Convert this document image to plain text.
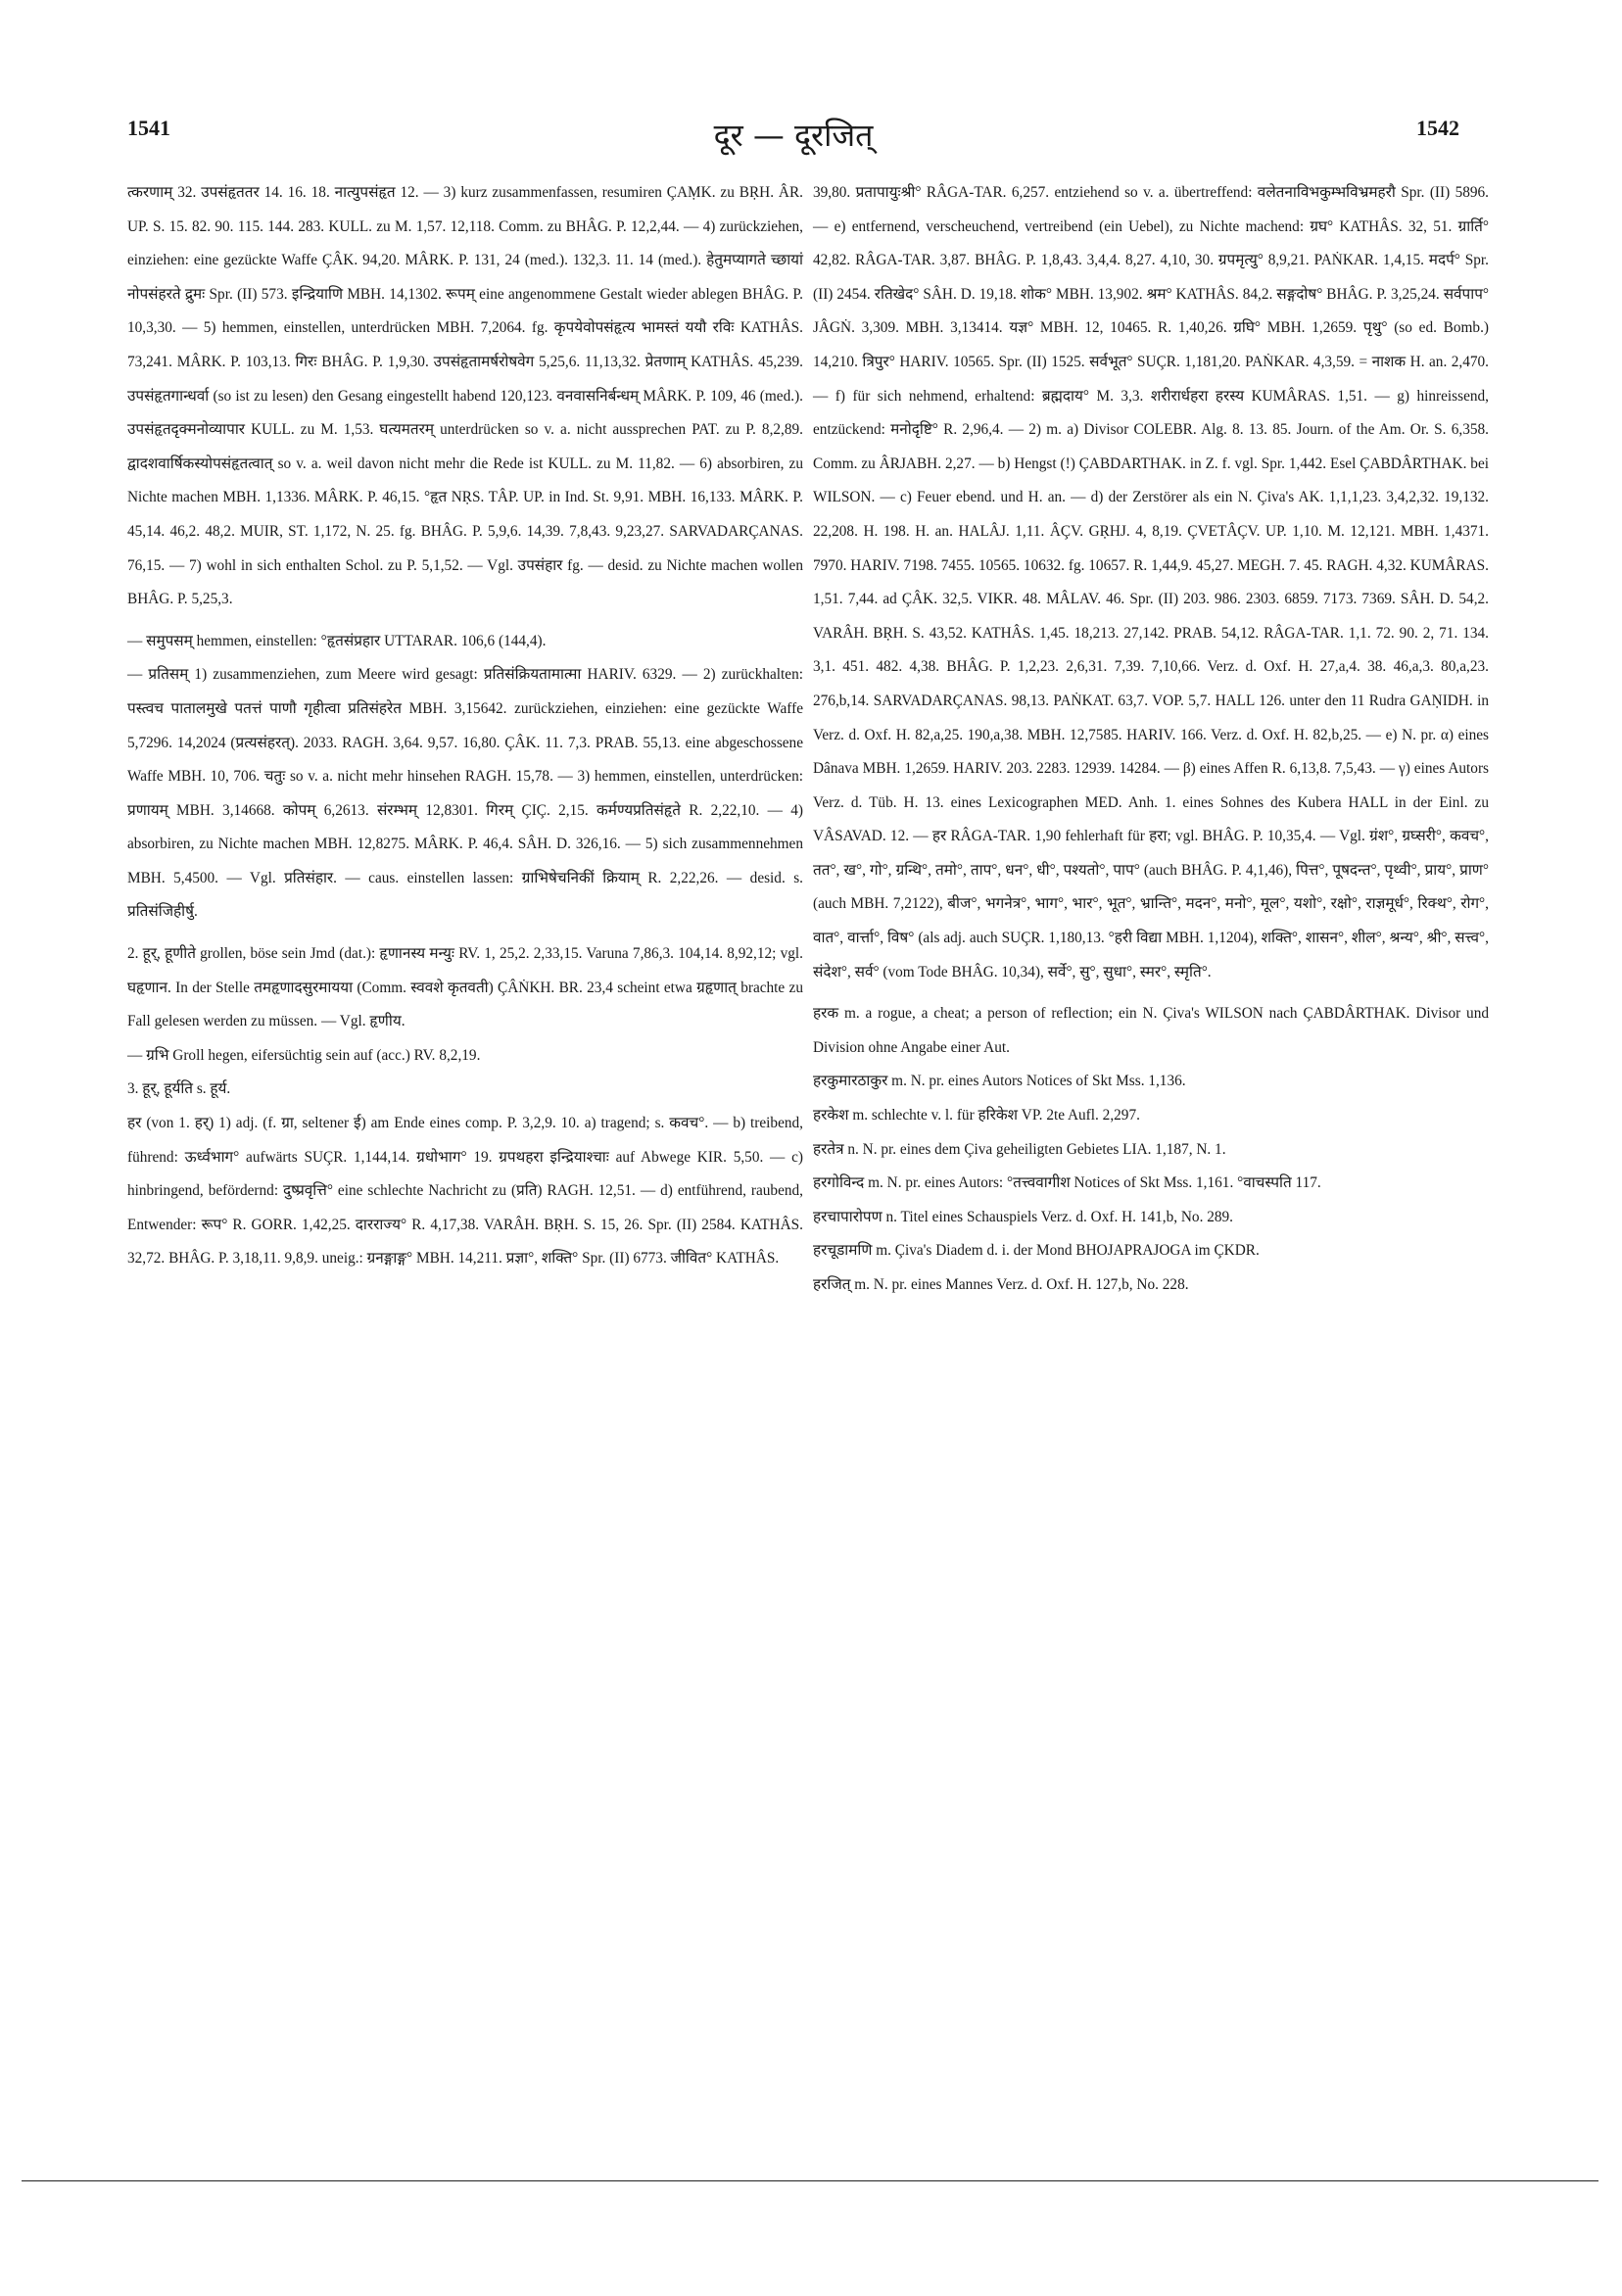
1541	दूर — दूरजित्	1542

त्करणाम् 32. उपसंहृततर 14. 16. 18. नात्युपसंहृत 12. — 3) kurz zusammenfassen, resumiren ÇAṂK. zu BṚH. ÂR. UP. S. 15. 82. 90. 115. 144. 283. KULL. zu M. 1,57. 12,118. Comm. zu BHÂG. P. 12,2,44. — 4) zurückziehen, einziehen: eine gezückte Waffe ÇÂK. 94,20. MÂRK. P. 131, 24 (med.). 132,3. 11. 14 (med.). हेतुमप्यागते च्छायां नोपसंहरते द्रुमः Spr. (II) 573. इन्द्रियाणि MBH. 14,1302. रूपम् eine angenommene Gestalt wieder ablegen BHÂG. P. 10,3,30. — 5) hemmen, einstellen, unterdrücken MBH. 7,2064. fg. कृपयेवोपसंहृत्य भामस्तं ययौ रविः KATHÂS. 73,241. MÂRK. P. 103,13. गिरः BHÂG. P. 1,9,30. उपसंहृतामर्षरोषवेग 5,25,6. 11,13,32. प्रेतणाम् KATHÂS. 45,239. उपसंहृतगान्धर्वा (so ist zu lesen) den Gesang eingestellt habend 120,123. वनवासनिर्बन्धम् MÂRK. P. 109, 46 (med.). उपसंहृतदृक्मनोव्यापार KULL. zu M. 1,53. घत्यमतरम् unterdrücken so v. a. nicht aussprechen PAT. zu P. 8,2,89. द्वादशवार्षिकस्योपसंहृतत्वात् so v. a. weil davon nicht mehr die Rede ist KULL. zu M. 11,82. — 6) absorbiren, zu Nichte machen MBH. 1,1336. MÂRK. P. 46,15. °हृत NṚS. TÂP. UP. in Ind. St. 9,91. MBH. 16,133. MÂRK. P. 45,14. 46,2. 48,2. MUIR, ST. 1,172, N. 25. fg. BHÂG. P. 5,9,6. 14,39. 7,8,43. 9,23,27. SARVADARÇANAS. 76,15. — 7) wohl in sich enthalten Schol. zu P. 5,1,52. — Vgl. उपसंहार fg. — desid. zu Nichte machen wollen BHÂG. P. 5,25,3.

— समुपसम् hemmen, einstellen: °हृतसंप्रहार UTTARAR. 106,6 (144,4).

— प्रतिसम् 1) zusammenziehen, zum Meere wird gesagt: प्रतिसंक्रियतामात्मा HARIV. 6329. — 2) zurückhalten: पस्त्वच पातालमुखे पतत्तं पाणौ गृहीत्वा प्रतिसंहरेत MBH. 3,15642. zurückziehen, einziehen: eine gezückte Waffe 5,7296. 14,2024 (प्रत्यसंहरत्). 2033. RAGH. 3,64. 9,57. 16,80. ÇÂK. 11. 7,3. PRAB. 55,13. eine abgeschossene Waffe MBH. 10, 706. चतुः so v. a. nicht mehr hinsehen RAGH. 15,78. — 3) hemmen, einstellen, unterdrücken: प्रणायम् MBH. 3,14668. कोपम् 6,2613. संरम्भम् 12,8301. गिरम् ÇIÇ. 2,15. कर्मण्यप्रतिसंहृते R. 2,22,10. — 4) absorbiren, zu Nichte machen MBH. 12,8275. MÂRK. P. 46,4. SÂH. D. 326,16. — 5) sich zusammennehmen MBH. 5,4500. — Vgl. प्रतिसंहार. — caus. einstellen lassen: ग्राभिषेचनिकीं क्रियाम् R. 2,22,26. — desid. s. प्रतिसंजिहीर्षु.

2. हूर्, हूणीते grollen, böse sein Jmd (dat.): हृणानस्य मन्युः RV. 1, 25,2. 2,33,15. Varuna 7,86,3. 104,14. 8,92,12; vgl. घहृणान. In der Stelle तमहृणादसुरमायया (Comm. स्ववशे कृतवती) ÇÂṄKH. BR. 23,4 scheint etwa ग्रहृणात् brachte zu Fall gelesen werden zu müssen. — Vgl. हृणीय.

— ग्रभि Groll hegen, eifersüchtig sein auf (acc.) RV. 8,2,19.

3. हूर्, हूर्यति s. हूर्य.

हर (von 1. हर्) 1) adj. (f. ग्रा, seltener ई) am Ende eines comp. P. 3,2,9. 10. a) tragend; s. कवच°. — b) treibend, führend: ऊर्ध्वभाग° aufwärts SUÇR. 1,144,14. ग्रधोभाग° 19. ग्रपथहरा इन्द्रियाश्चाः auf Abwege KIR. 5,50. — c) hinbringend, befördernd: दुष्प्रवृत्ति° eine schlechte Nachricht zu (प्रति) RAGH. 12,51. — d) entführend, raubend, Entwender: रूप° R. GORR. 1,42,25. दारराज्य° R. 4,17,38. VARÂH. BṚH. S. 15, 26. Spr. (II) 2584. KATHÂS. 32,72. BHÂG. P. 3,18,11. 9,8,9. uneig.: ग्रनङ्गाङ्ग° MBH. 14,211. प्रज्ञा°, शक्ति° Spr. (II) 6773. जीवित° KATHÂS.

39,80. प्रतापायुःश्री° RÂGA-TAR. 6,257. entziehend so v. a. übertreffend: वलेतनाविभकुम्भविभ्रमहरौ Spr. (II) 5896. — e) entfernend, verscheuchend, vertreibend (ein Uebel), zu Nichte machend: ग्रघ° KATHÂS. 32, 51. ग्रार्ति° 42,82. RÂGA-TAR. 3,87. BHÂG. P. 1,8,43. 3,4,4. 8,27. 4,10, 30. ग्रपमृत्यु° 8,9,21. PAṄKAR. 1,4,15. मदर्प° Spr. (II) 2454. रतिखेद° SÂH. D. 19,18. शोक° MBH. 13,902. श्रम° KATHÂS. 84,2. सङ्गदोष° BHÂG. P. 3,25,24. सर्वपाप° JÂGṄ. 3,309. MBH. 3,13414. यज्ञ° MBH. 12, 10465. R. 1,40,26. ग्रघि° MBH. 1,2659. पृथु° (so ed. Bomb.) 14,210. त्रिपुर° HARIV. 10565. Spr. (II) 1525. सर्वभूत° SUÇR. 1,181,20. PAṄKAR. 4,3,59. = नाशक H. an. 2,470. — f) für sich nehmend, erhaltend: ब्रह्मदाय° M. 3,3. शरीरार्धहरा हरस्य KUMÂRAS. 1,51. — g) hinreissend, entzückend: मनोदृष्टि° R. 2,96,4. — 2) m. a) Divisor COLEBR. Alg. 8. 13. 85. Journ. of the Am. Or. S. 6,358. Comm. zu ÂRJABH. 2,27. — b) Hengst (!) ÇABDARTHAK. in Z. f. vgl. Spr. 1,442. Esel ÇABDÂRTHAK. bei WILSON. — c) Feuer ebend. und H. an. — d) der Zerstörer als ein N. Çiva's AK. 1,1,1,23. 3,4,2,32. 19,132. 22,208. H. 198. H. an. HALÂJ. 1,11. ÂÇV. GṚHJ. 4, 8,19. ÇVETÂÇV. UP. 1,10. M. 12,121. MBH. 1,4371. 7970. HARIV. 7198. 7455. 10565. 10632. fg. 10657. R. 1,44,9. 45,27. MEGH. 7. 45. RAGH. 4,32. KUMÂRAS. 1,51. 7,44. ad ÇÂK. 32,5. VIKR. 48. MÂLAV. 46. Spr. (II) 203. 986. 2303. 6859. 7173. 7369. SÂH. D. 54,2. VARÂH. BṚH. S. 43,52. KATHÂS. 1,45. 18,213. 27,142. PRAB. 54,12. RÂGA-TAR. 1,1. 72. 90. 2, 71. 134. 3,1. 451. 482. 4,38. BHÂG. P. 1,2,23. 2,6,31. 7,39. 7,10,66. Verz. d. Oxf. H. 27,a,4. 38. 46,a,3. 80,a,23. 276,b,14. SARVADARÇANAS. 98,13. PAṄKAT. 63,7. VOP. 5,7. HALL 126. unter den 11 Rudra GAṆIDH. in Verz. d. Oxf. H. 82,a,25. 190,a,38. MBH. 12,7585. HARIV. 166. Verz. d. Oxf. H. 82,b,25. — e) N. pr. α) eines Dânava MBH. 1,2659. HARIV. 203. 2283. 12939. 14284. — β) eines Affen R. 6,13,8. 7,5,43. — γ) eines Autors Verz. d. Tüb. H. 13. eines Lexicographen MED. Anh. 1. eines Sohnes des Kubera HALL in der Einl. zu VÂSAVAD. 12. — हर RÂGA-TAR. 1,90 fehlerhaft für हरा; vgl. BHÂG. P. 10,35,4. — Vgl. ग्रंश°, ग्रघ्सरी°, कवच°, तत°, ख°, गो°, ग्रन्थि°, तमो°, ताप°, धन°, धी°, पश्यतो°, पाप° (auch BHÂG. P. 4,1,46), पित्त°, पूषदन्त°, पृथ्वी°, प्राय°, प्राण° (auch MBH. 7,2122), बीज°, भगनेत्र°, भाग°, भार°, भूत°, भ्रान्ति°, मदन°, मनो°, मूल°, यशो°, रक्षो°, राज्ञमूर्ध°, रिक्थ°, रोग°, वात°, वार्त्ता°, विष° (als adj. auch SUÇR. 1,180,13. °हरी विद्या MBH. 1,1204), शक्ति°, शासन°, शील°, श्रन्य°, श्री°, सत्त्व°, संदेश°, सर्व° (vom Tode BHÂG. 10,34), सर्वे°, सु°, सुधा°, स्मर°, स्मृति°.

हरक m. a rogue, a cheat; a person of reflection; ein N. Çiva's WILSON nach ÇABDÂRTHAK. Divisor und Division ohne Angabe einer Aut.

हरकुमारठाकुर m. N. pr. eines Autors Notices of Skt Mss. 1,136.

हरकेश m. schlechte v. l. für हरिकेश VP. 2te Aufl. 2,297.

हरतेत्र n. N. pr. eines dem Çiva geheiligten Gebietes LIA. 1,187, N. 1.

हरगोविन्द m. N. pr. eines Autors: °तत्त्ववागीश Notices of Skt Mss. 1,161. °वाचस्पति 117.

हरचापारोपण n. Titel eines Schauspiels Verz. d. Oxf. H. 141,b, No. 289.

हरचूडामणि m. Çiva's Diadem d. i. der Mond BHOJAPRAJOGA im ÇKDR.

हरजित् m. N. pr. eines Mannes Verz. d. Oxf. H. 127,b, No. 228.
